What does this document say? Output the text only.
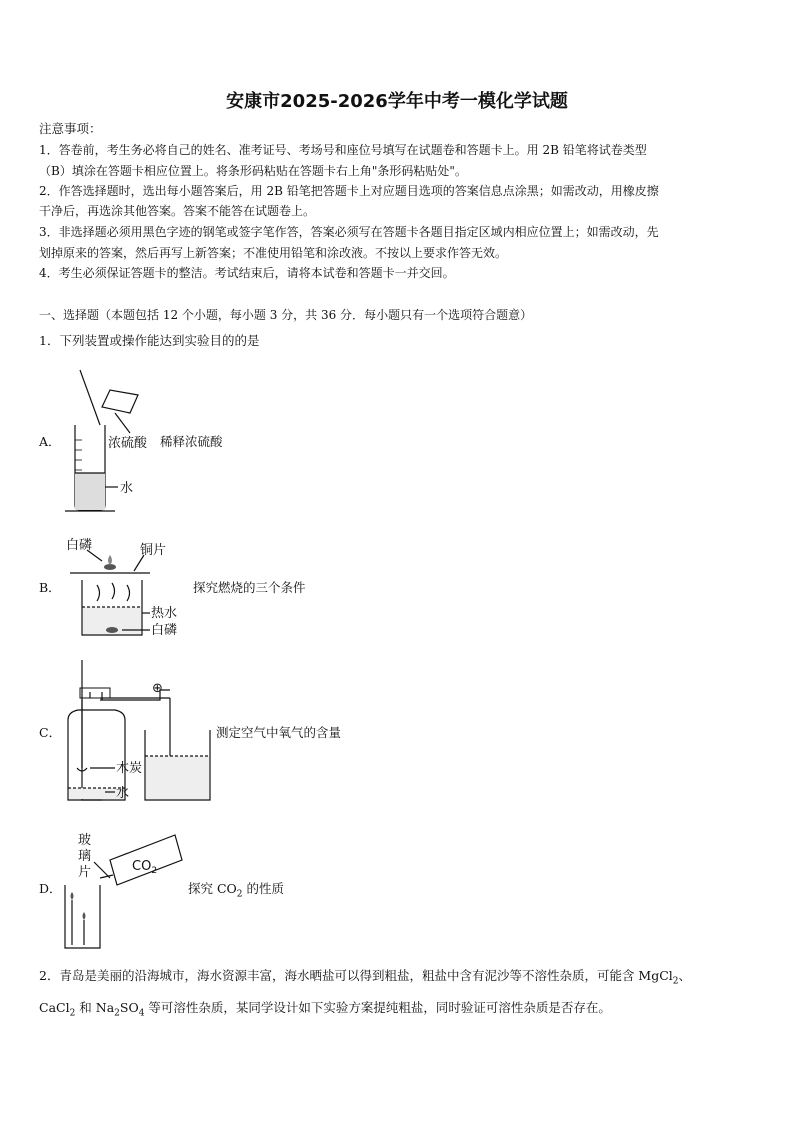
安康市2025-2026学年中考一模化学试题
注意事项：
1．答卷前，考生务必将自己的姓名、准考证号、考场号和座位号填写在试题卷和答题卡上。用 2B 铅笔将试卷类型
（B）填涂在答题卡相应位置上。将条形码粘贴在答题卡右上角"条形码粘贴处"。
2．作答选择题时，选出每小题答案后，用 2B 铅笔把答题卡上对应题目选项的答案信息点涂黑；如需改动，用橡皮擦
干净后，再选涂其他答案。答案不能答在试题卷上。
3．非选择题必须用黑色字迹的钢笔或签字笔作答，答案必须写在答题卡各题目指定区域内相应位置上；如需改动，先
划掉原来的答案，然后再写上新答案；不准使用铅笔和涂改液。不按以上要求作答无效。
4．考生必须保证答题卡的整洁。考试结束后，请将本试卷和答题卡一并交回。
一、选择题（本题包括 12 个小题，每小题 3 分，共 36 分．每小题只有一个选项符合题意）
1．下列装置或操作能达到实验目的的是
A．	稀释浓硫酸
浓硫酸
水
B．	探究燃烧的三个条件
白磷	铜片
热水
白磷
C．	测定空气中氧气的含量
⊕
木炭
水
D．	探究 $CO_2$ 的性质
玻
璃
片	$CO_2$
2．青岛是美丽的沿海城市，海水资源丰富，海水晒盐可以得到粗盐，粗盐中含有泥沙等不溶性杂质，可能含 MgCl$_2$、
CaCl$_2$ 和 $Na_2SO_4$ 等可溶性杂质，某同学设计如下实验方案提纯粗盐，同时验证可溶性杂质是否存在。
